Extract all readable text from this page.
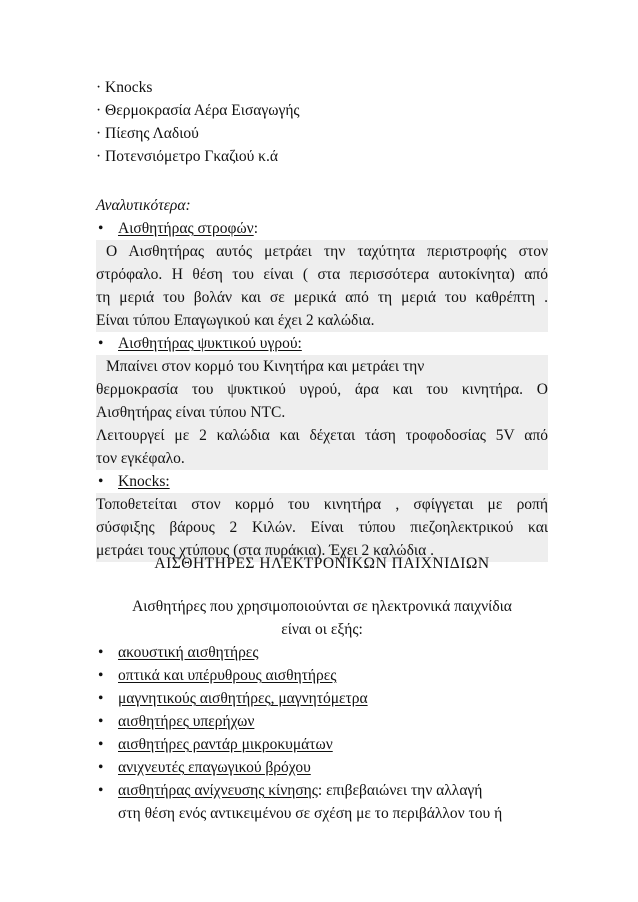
· Knocks
· Θερμοκρασία Αέρα Εισαγωγής
· Πίεσης Λαδιού
· Ποτενσιόμετρο Γκαζιού κ.ά
Αναλυτικότερα:
• Αισθητήρας στροφών:
Ο Αισθητήρας αυτός μετράει την ταχύτητα περιστροφής στον
στρόφαλο. Η θέση του είναι ( στα περισσότερα αυτοκίνητα) από
τη μεριά του βολάν και σε μερικά από τη μεριά του καθρέπτη .
Είναι τύπου Επαγωγικού και έχει 2 καλώδια.
• Αισθητήρας ψυκτικού υγρού:
Μπαίνει στον κορμό του Κινητήρα και μετράει την
θερμοκρασία του ψυκτικού υγρού, άρα και του κινητήρα. Ο
Αισθητήρας είναι τύπου NTC.
Λειτουργεί με 2 καλώδια και δέχεται τάση τροφοδοσίας 5V από
τον εγκέφαλο.
• Knocks:
Τοποθετείται στον κορμό του κινητήρα , σφίγγεται με ροπή
σύσφιξης βάρους 2 Κιλών. Είναι τύπου πιεζοηλεκτρικού και
μετράει τους χτύπους (στα πυράκια). Έχει 2 καλώδια .
ΑΙΣΘΗΤΗΡΕΣ ΗΛΕΚΤΡΟΝΙΚΩΝ ΠΑΙΧΝΙΔΙΩΝ
Αισθητήρες που χρησιμοποιούνται σε ηλεκτρονικά παιχνίδια
είναι οι εξής:
• ακουστική αισθητήρες
• οπτικά και υπέρυθρους αισθητήρες
• μαγνητικούς αισθητήρες, μαγνητόμετρα
• αισθητήρες υπερήχων
• αισθητήρες ραντάρ μικροκυμάτων
• ανιχνευτές επαγωγικού βρόχου
• αισθητήρας ανίχνευσης κίνησης: επιβεβαιώνει την αλλαγή
στη θέση ενός αντικειμένου σε σχέση με το περιβάλλον του ή
